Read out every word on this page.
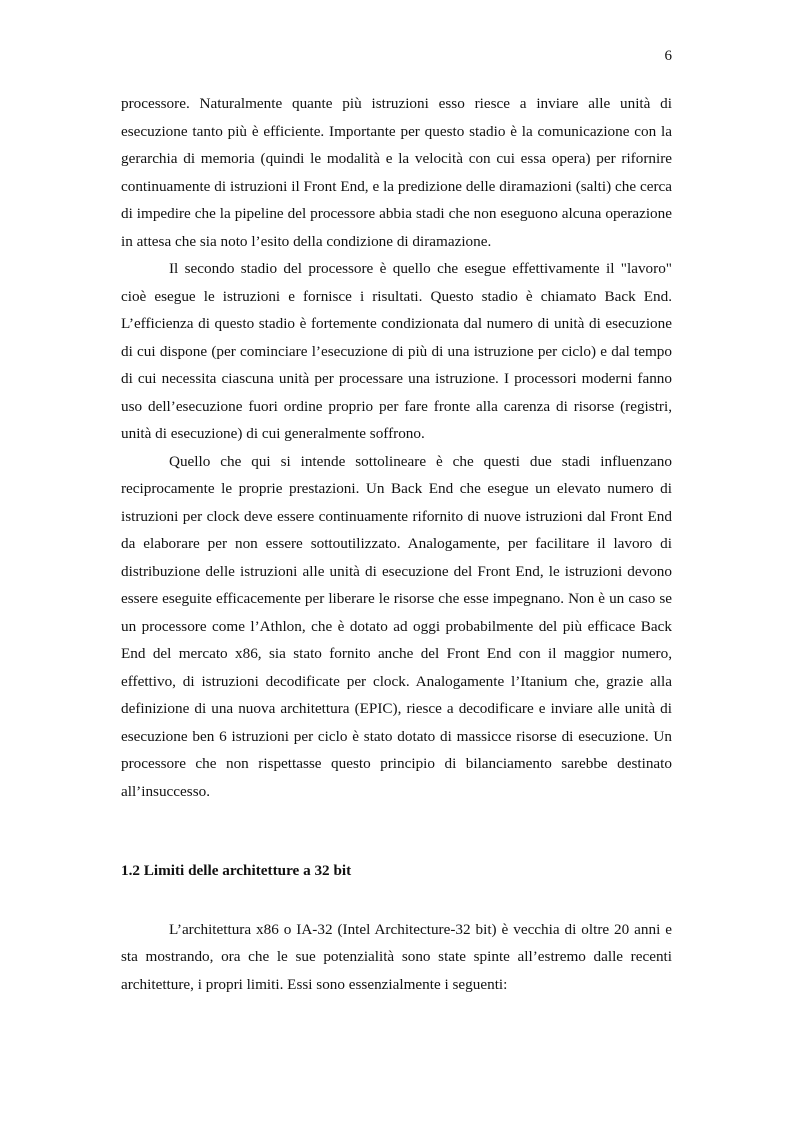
6

processore. Naturalmente quante più istruzioni esso riesce a inviare alle unità di esecuzione tanto più è efficiente. Importante per questo stadio è la comunicazione con la gerarchia di memoria (quindi le modalità e la velocità con cui essa opera) per rifornire continuamente di istruzioni il Front End, e la predizione delle diramazioni (salti) che cerca di impedire che la pipeline del processore abbia stadi che non eseguono alcuna operazione in attesa che sia noto l’esito della condizione di diramazione.

Il secondo stadio del processore è quello che esegue effettivamente il "lavoro" cioè esegue le istruzioni e fornisce i risultati. Questo stadio è chiamato Back End. L’efficienza di questo stadio è fortemente condizionata dal numero di unità di esecuzione di cui dispone (per cominciare l’esecuzione di più di una istruzione per ciclo) e dal tempo di cui necessita ciascuna unità per processare una istruzione. I processori moderni fanno uso dell’esecuzione fuori ordine proprio per fare fronte alla carenza di risorse (registri, unità di esecuzione) di cui generalmente soffrono.

Quello che qui si intende sottolineare è che questi due stadi influenzano reciprocamente le proprie prestazioni. Un Back End che esegue un elevato numero di istruzioni per clock deve essere continuamente rifornito di nuove istruzioni dal Front End da elaborare per non essere sottoutilizzato. Analogamente, per facilitare il lavoro di distribuzione delle istruzioni alle unità di esecuzione del Front End, le istruzioni devono essere eseguite efficacemente per liberare le risorse che esse impegnano. Non è un caso se un processore come l’Athlon, che è dotato ad oggi probabilmente del più efficace Back End del mercato x86, sia stato fornito anche del Front End con il maggior numero, effettivo, di istruzioni decodificate per clock. Analogamente l’Itanium che, grazie alla definizione di una nuova architettura (EPIC), riesce a decodificare e inviare alle unità di esecuzione ben 6 istruzioni per ciclo è stato dotato di massicce risorse di esecuzione. Un processore che non rispettasse questo principio di bilanciamento sarebbe destinato all’insuccesso.

1.2 Limiti delle architetture a 32 bit

L’architettura x86 o IA-32 (Intel Architecture-32 bit) è vecchia di oltre 20 anni e sta mostrando, ora che le sue potenzialità sono state spinte all’estremo dalle recenti architetture, i propri limiti. Essi sono essenzialmente i seguenti:
